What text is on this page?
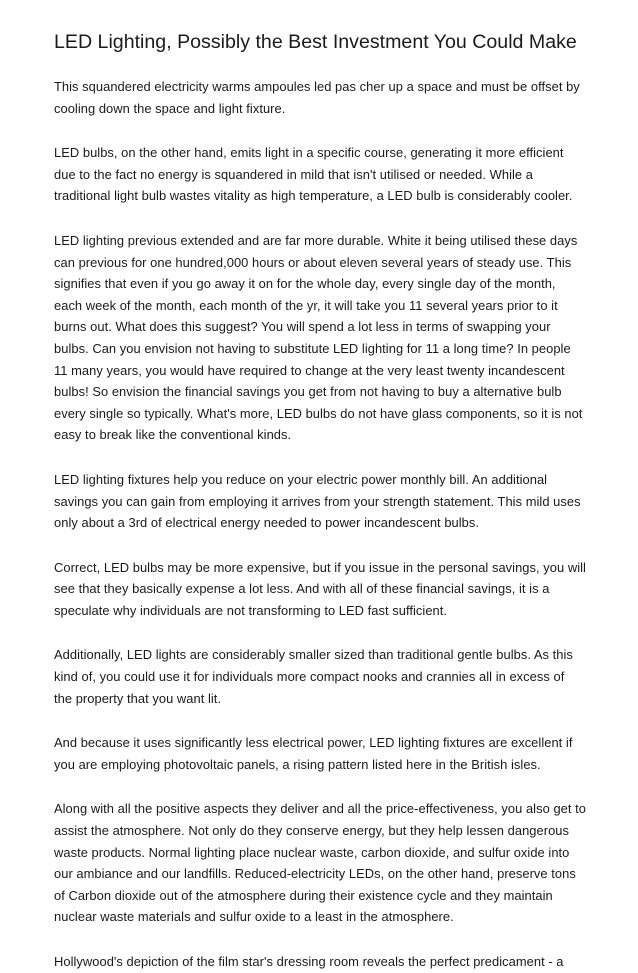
LED Lighting, Possibly the Best Investment You Could Make

This squandered electricity warms ampoules led pas cher up a space and must be offset by cooling down the space and light fixture.

LED bulbs, on the other hand, emits light in a specific course, generating it more efficient due to the fact no energy is squandered in mild that isn't utilised or needed. While a traditional light bulb wastes vitality as high temperature, a LED bulb is considerably cooler.

LED lighting previous extended and are far more durable. White it being utilised these days can previous for one hundred,000 hours or about eleven several years of steady use. This signifies that even if you go away it on for the whole day, every single day of the month, each week of the month, each month of the yr, it will take you 11 several years prior to it burns out. What does this suggest? You will spend a lot less in terms of swapping your bulbs. Can you envision not having to substitute LED lighting for 11 a long time? In people 11 many years, you would have required to change at the very least twenty incandescent bulbs! So envision the financial savings you get from not having to buy a alternative bulb every single so typically. What's more, LED bulbs do not have glass components, so it is not easy to break like the conventional kinds.

LED lighting fixtures help you reduce on your electric power monthly bill. An additional savings you can gain from employing it arrives from your strength statement. This mild uses only about a 3rd of electrical energy needed to power incandescent bulbs.

Correct, LED bulbs may be more expensive, but if you issue in the personal savings, you will see that they basically expense a lot less. And with all of these financial savings, it is a speculate why individuals are not transforming to LED fast sufficient.

Additionally, LED lights are considerably smaller sized than traditional gentle bulbs. As this kind of, you could use it for individuals more compact nooks and crannies all in excess of the property that you want lit.

And because it uses significantly less electrical power, LED lighting fixtures are excellent if you are employing photovoltaic panels, a rising pattern listed here in the British isles.

Along with all the positive aspects they deliver and all the price-effectiveness, you also get to assist the atmosphere. Not only do they conserve energy, but they help lessen dangerous waste products. Normal lighting place nuclear waste, carbon dioxide, and sulfur oxide into our ambiance and our landfills. Reduced-electricity LEDs, on the other hand, preserve tons of Carbon dioxide out of the atmosphere during their existence cycle and they maintain nuclear waste materials and sulfur oxide to a least in the atmosphere.

Hollywood's depiction of the film star's dressing room reveals the perfect predicament - a
